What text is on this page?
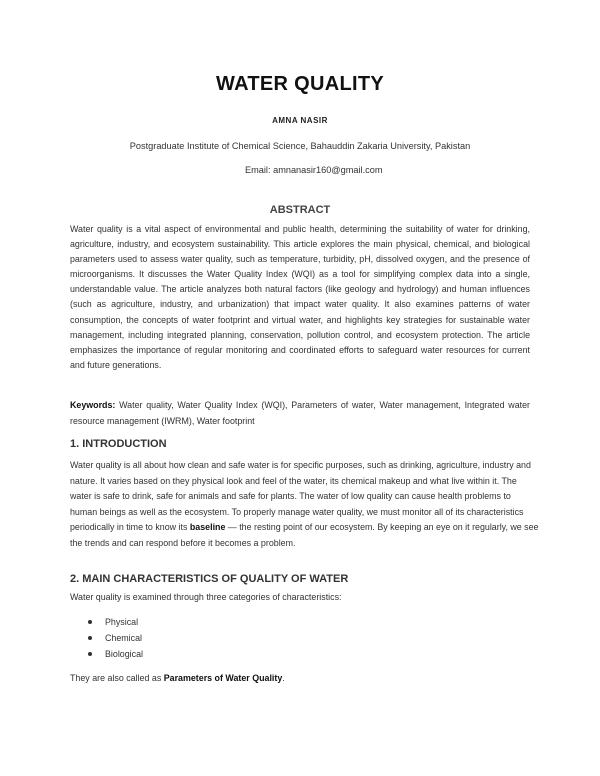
WATER QUALITY
AMNA NASIR
Postgraduate Institute of Chemical Science, Bahauddin Zakaria University, Pakistan
Email: amnanasir160@gmail.com
ABSTRACT
Water quality is a vital aspect of environmental and public health, determining the suitability of water for drinking, agriculture, industry, and ecosystem sustainability. This article explores the main physical, chemical, and biological parameters used to assess water quality, such as temperature, turbidity, pH, dissolved oxygen, and the presence of microorganisms. It discusses the Water Quality Index (WQI) as a tool for simplifying complex data into a single, understandable value. The article analyzes both natural factors (like geology and hydrology) and human influences (such as agriculture, industry, and urbanization) that impact water quality. It also examines patterns of water consumption, the concepts of water footprint and virtual water, and highlights key strategies for sustainable water management, including integrated planning, conservation, pollution control, and ecosystem protection. The article emphasizes the importance of regular monitoring and coordinated efforts to safeguard water resources for current and future generations.
Keywords: Water quality, Water Quality Index (WQI), Parameters of water, Water management, Integrated water resource management (IWRM), Water footprint
1. INTRODUCTION
Water quality is all about how clean and safe water is for specific purposes, such as drinking, agriculture, industry and nature. It varies based on they physical look and feel of the water, its chemical makeup and what live within it. The water is safe to drink, safe for animals and safe for plants. The water of low quality can cause health problems to human beings as well as the ecosystem. To properly manage water quality, we must monitor all of its characteristics periodically in time to know its baseline — the resting point of our ecosystem. By keeping an eye on it regularly, we see the trends and can respond before it becomes a problem.
2. MAIN CHARACTERISTICS OF QUALITY OF WATER
Water quality is examined through three categories of characteristics:
Physical
Chemical
Biological
They are also called as Parameters of Water Quality.
